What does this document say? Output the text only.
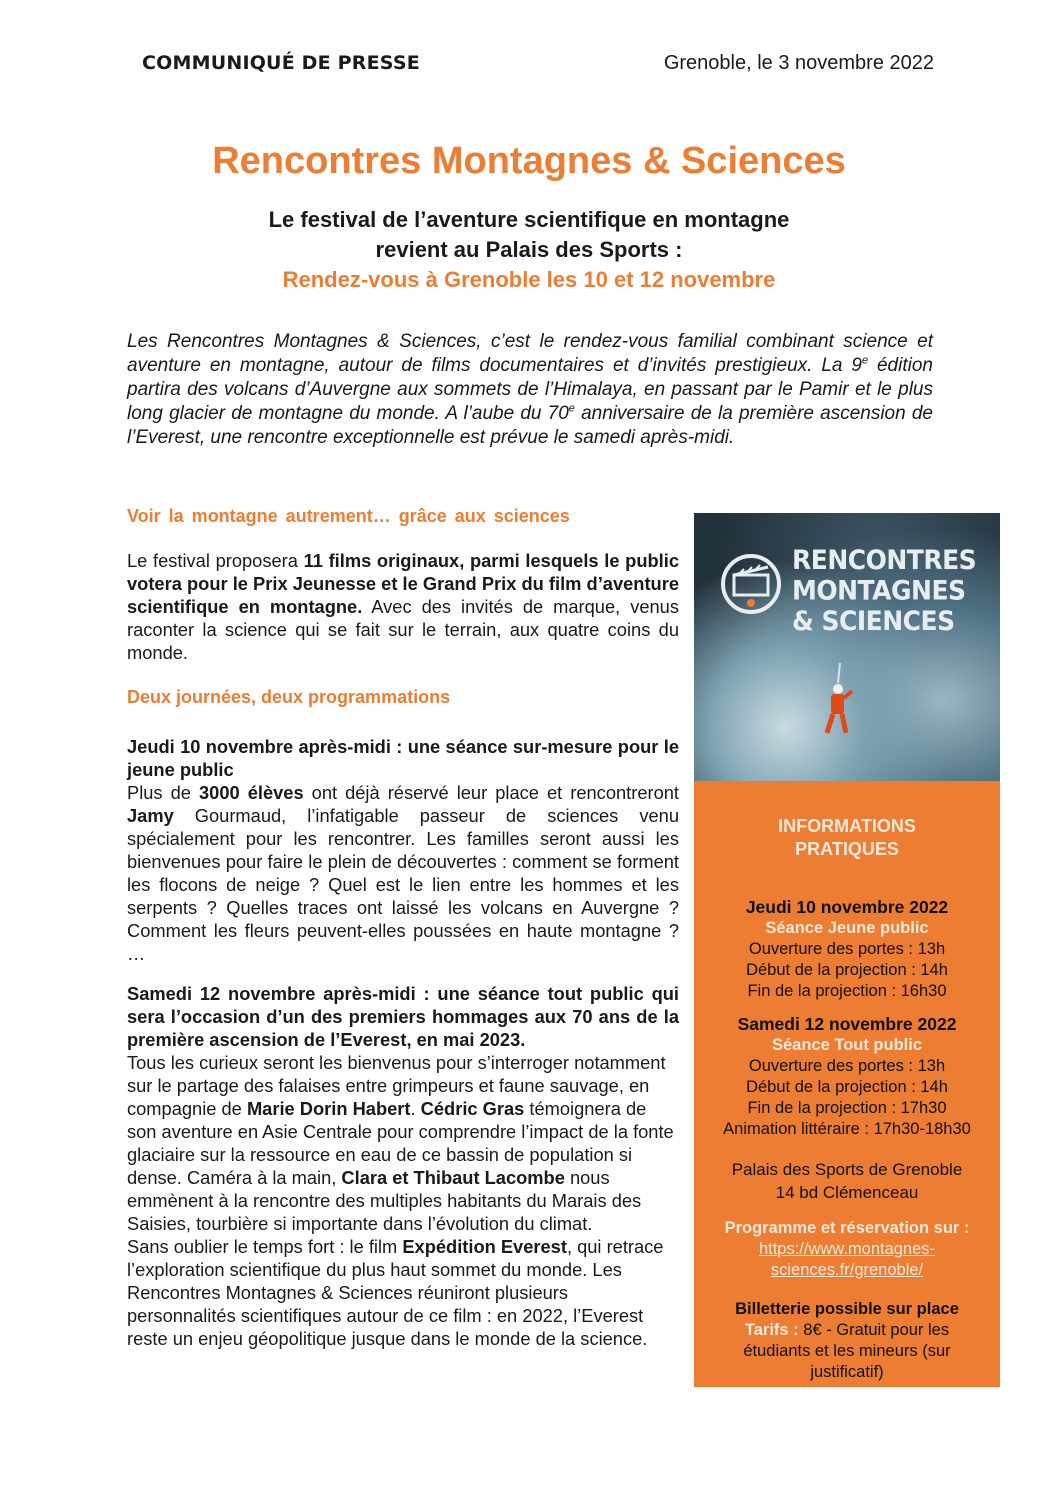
COMMUNIQUÉ DE PRESSE	Grenoble, le 3 novembre 2022
Rencontres Montagnes & Sciences
Le festival de l’aventure scientifique en montagne
revient au Palais des Sports :
Rendez-vous à Grenoble les 10 et 12 novembre

Les Rencontres Montagnes & Sciences, c’est le rendez-vous familial combinant science et aventure en montagne, autour de films documentaires et d’invités prestigieux. La 9e édition partira des volcans d’Auvergne aux sommets de l’Himalaya, en passant par le Pamir et le plus long glacier de montagne du monde. A l’aube du 70e anniversaire de la première ascension de l’Everest, une rencontre exceptionnelle est prévue le samedi après-midi.

Voir la montagne autrement… grâce aux sciences

Le festival proposera 11 films originaux, parmi lesquels le public votera pour le Prix Jeunesse et le Grand Prix du film d’aventure scientifique en montagne. Avec des invités de marque, venus raconter la science qui se fait sur le terrain, aux quatre coins du monde.

Deux journées, deux programmations

Jeudi 10 novembre après-midi : une séance sur-mesure pour le jeune public

Plus de 3000 élèves ont déjà réservé leur place et rencontreront Jamy Gourmaud, l’infatigable passeur de sciences venu spécialement pour les rencontrer. Les familles seront aussi les bienvenues pour faire le plein de découvertes : comment se forment les flocons de neige ? Quel est le lien entre les hommes et les serpents ? Quelles traces ont laissé les volcans en Auvergne ? Comment les fleurs peuvent-elles poussées en haute montagne ? …

Samedi 12 novembre après-midi : une séance tout public qui sera l’occasion d’un des premiers hommages aux 70 ans de la première ascension de l’Everest, en mai 2023.

Tous les curieux seront les bienvenus pour s’interroger notamment sur le partage des falaises entre grimpeurs et faune sauvage, en compagnie de Marie Dorin Habert. Cédric Gras témoignera de son aventure en Asie Centrale pour comprendre l’impact de la fonte glaciaire sur la ressource en eau de ce bassin de population si dense. Caméra à la main, Clara et Thibaut Lacombe nous emmènent à la rencontre des multiples habitants du Marais des Saisies, tourbière si importante dans l’évolution du climat.

Sans oublier le temps fort : le film Expédition Everest, qui retrace l’exploration scientifique du plus haut sommet du monde. Les Rencontres Montagnes & Sciences réuniront plusieurs personnalités scientifiques autour de ce film : en 2022, l’Everest reste un enjeu géopolitique jusque dans le monde de la science.

RENCONTRES
MONTAGNES
& SCIENCES
INFORMATIONS
PRATIQUES
Jeudi 10 novembre 2022
Séance Jeune public
Ouverture des portes : 13h
Début de la projection : 14h
Fin de la projection : 16h30
Samedi 12 novembre 2022
Séance Tout public
Ouverture des portes : 13h
Début de la projection : 14h
Fin de la projection : 17h30
Animation littéraire : 17h30-18h30
Palais des Sports de Grenoble
14 bd Clémenceau
Programme et réservation sur :
https://www.montagnes-
sciences.fr/grenoble/
Billetterie possible sur place
Tarifs : 8€ - Gratuit pour les étudiants et les mineurs (sur justificatif)
